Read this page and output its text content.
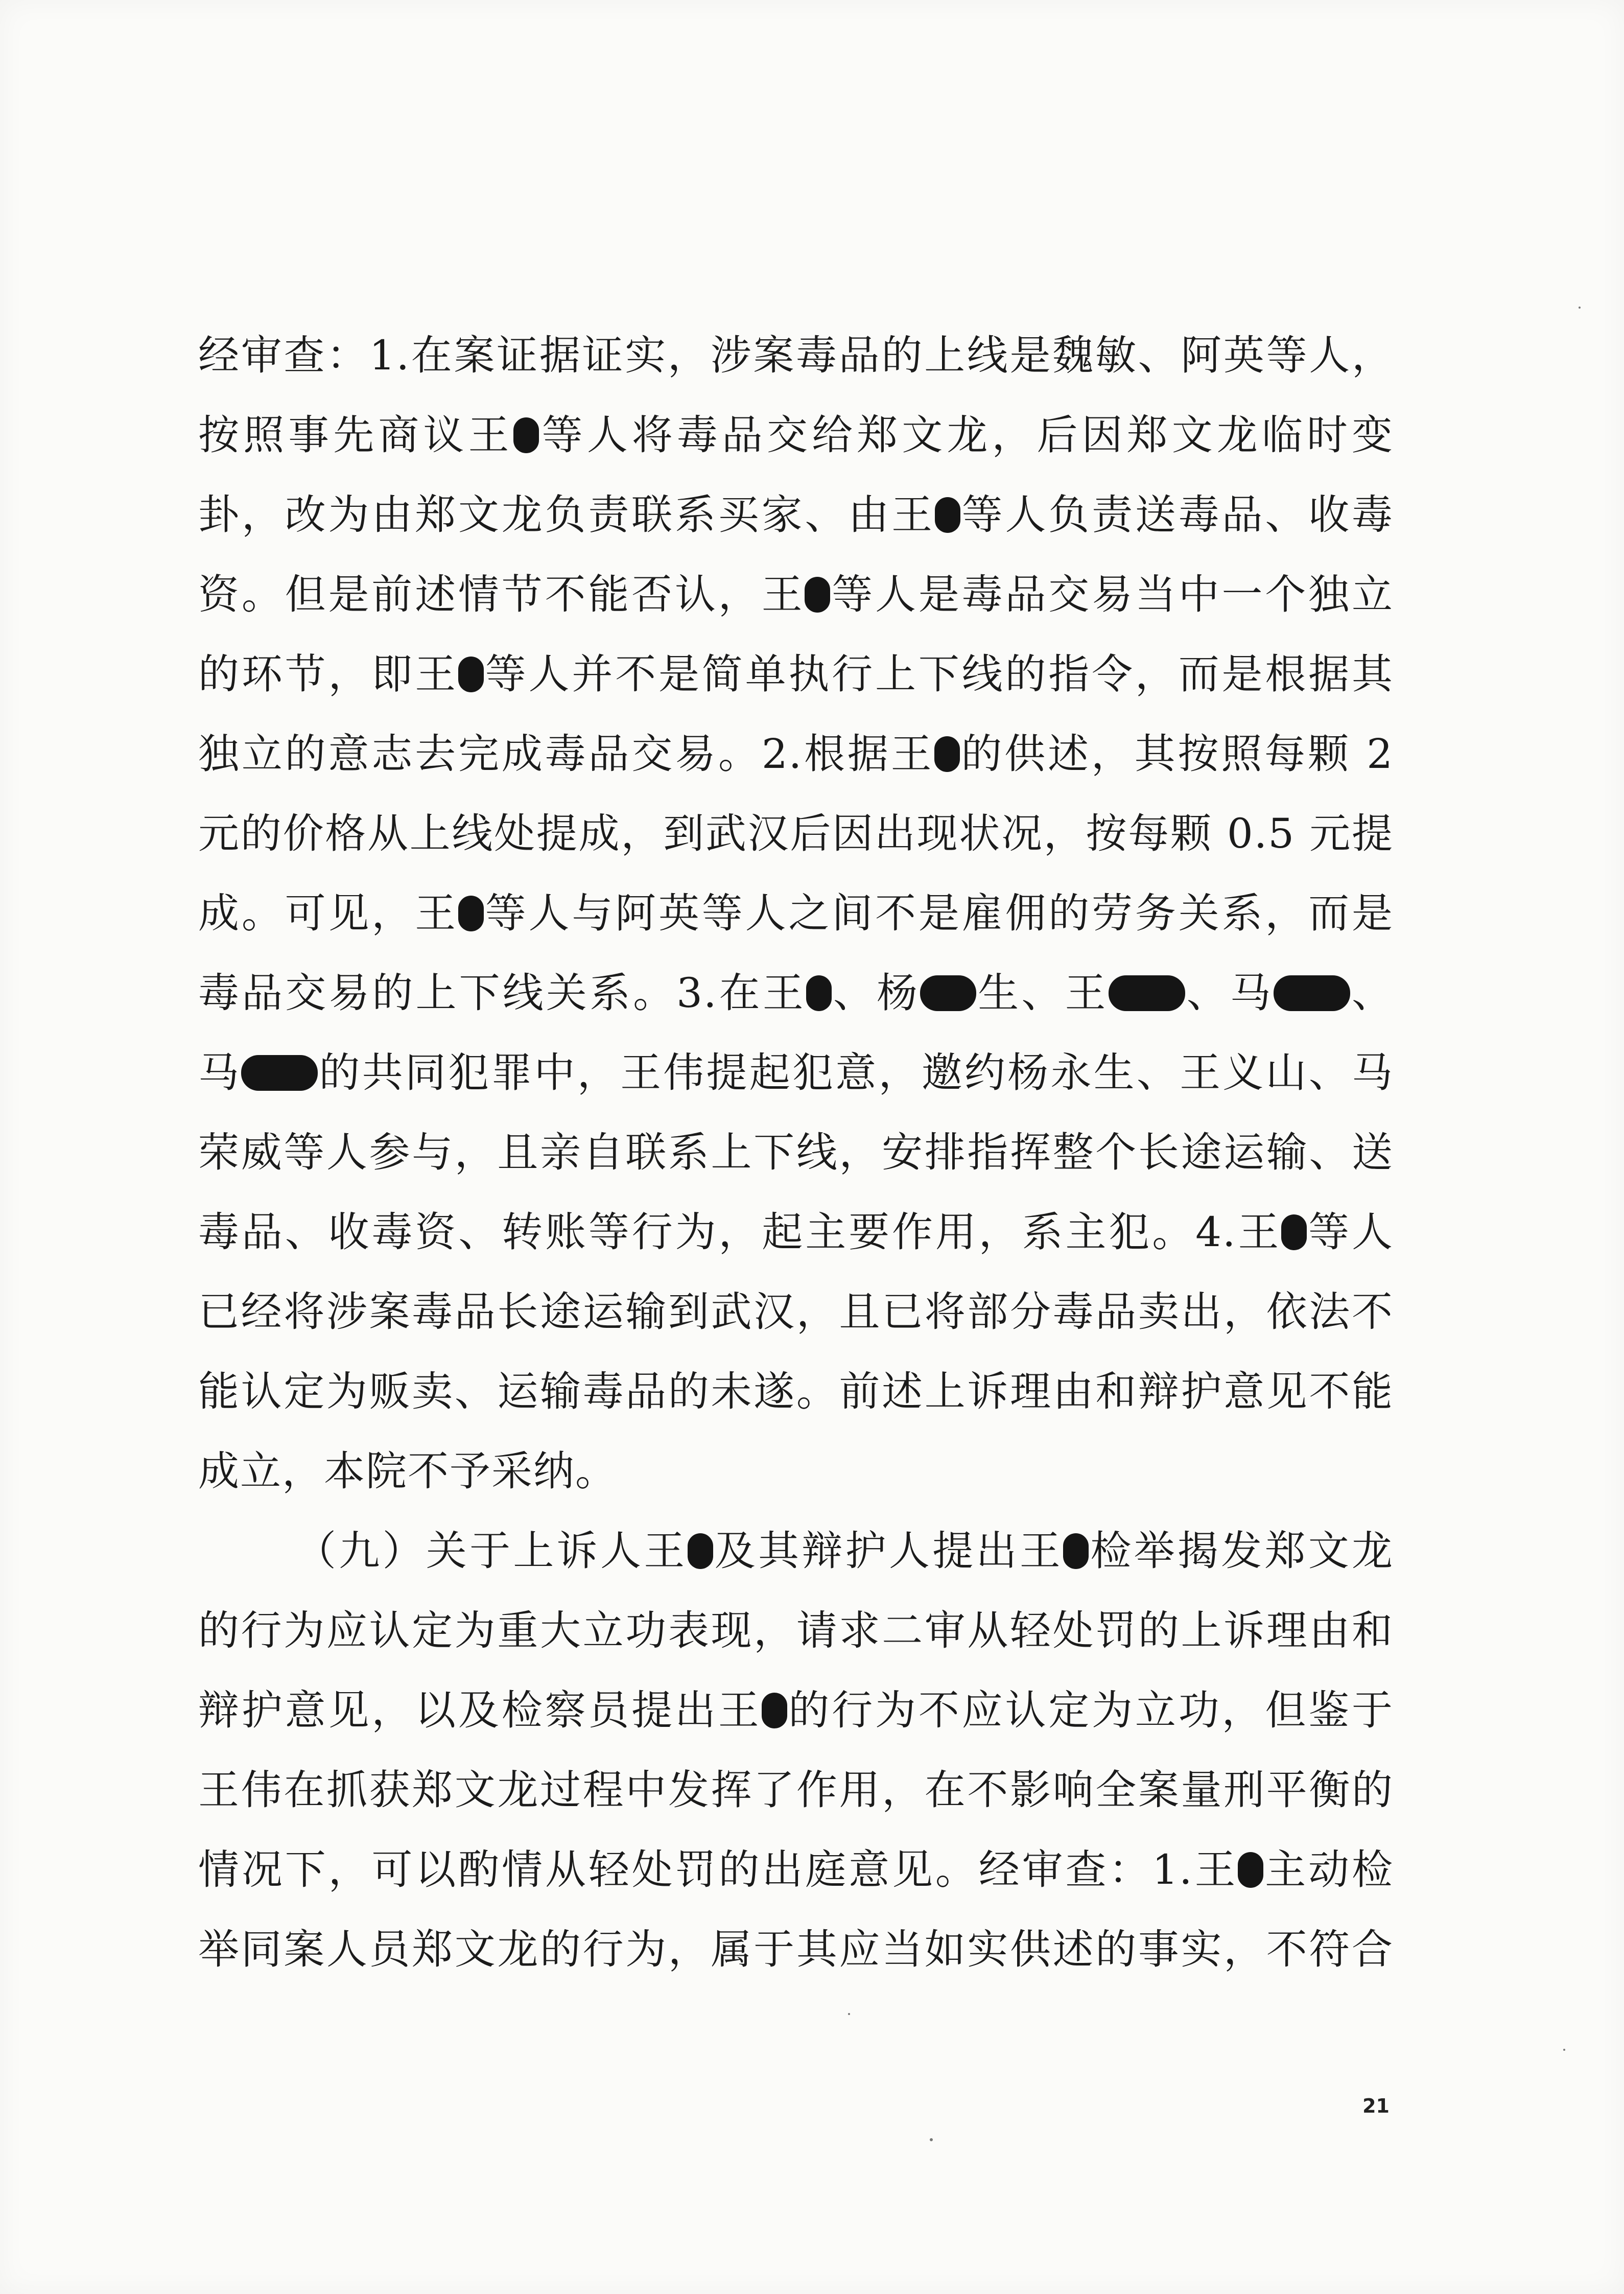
经审查：1.在案证据证实，涉案毒品的上线是魏敏、阿英等人，
按照事先商议王 等人将毒品交给郑文龙，后因郑文龙临时变
卦，改为由郑文龙负责联系买家、由王 等人负责送毒品、收毒
资。但是前述情节不能否认，王 等人是毒品交易当中一个独立
的环节，即王 等人并不是简单执行上下线的指令，而是根据其
独立的意志去完成毒品交易。2.根据王 的供述，其按照每颗 2
元的价格从上线处提成，到武汉后因出现状况，按每颗 0.5 元提
成。可见，王 等人与阿英等人之间不是雇佣的劳务关系，而是
毒品交易的上下线关系。3.在王 、杨 生、王 、马 、
马 的共同犯罪中，王伟提起犯意，邀约杨永生、王义山、马
荣威等人参与，且亲自联系上下线，安排指挥整个长途运输、送
毒品、收毒资、转账等行为，起主要作用，系主犯。4.王 等人
已经将涉案毒品长途运输到武汉，且已将部分毒品卖出，依法不
能认定为贩卖、运输毒品的未遂。前述上诉理由和辩护意见不能
成立，本院不予采纳。
（九）关于上诉人王 及其辩护人提出王 检举揭发郑文龙
的行为应认定为重大立功表现，请求二审从轻处罚的上诉理由和
辩护意见，以及检察员提出王 的行为不应认定为立功，但鉴于
王伟在抓获郑文龙过程中发挥了作用，在不影响全案量刑平衡的
情况下，可以酌情从轻处罚的出庭意见。经审查：1.王 主动检
举同案人员郑文龙的行为，属于其应当如实供述的事实，不符合
21
